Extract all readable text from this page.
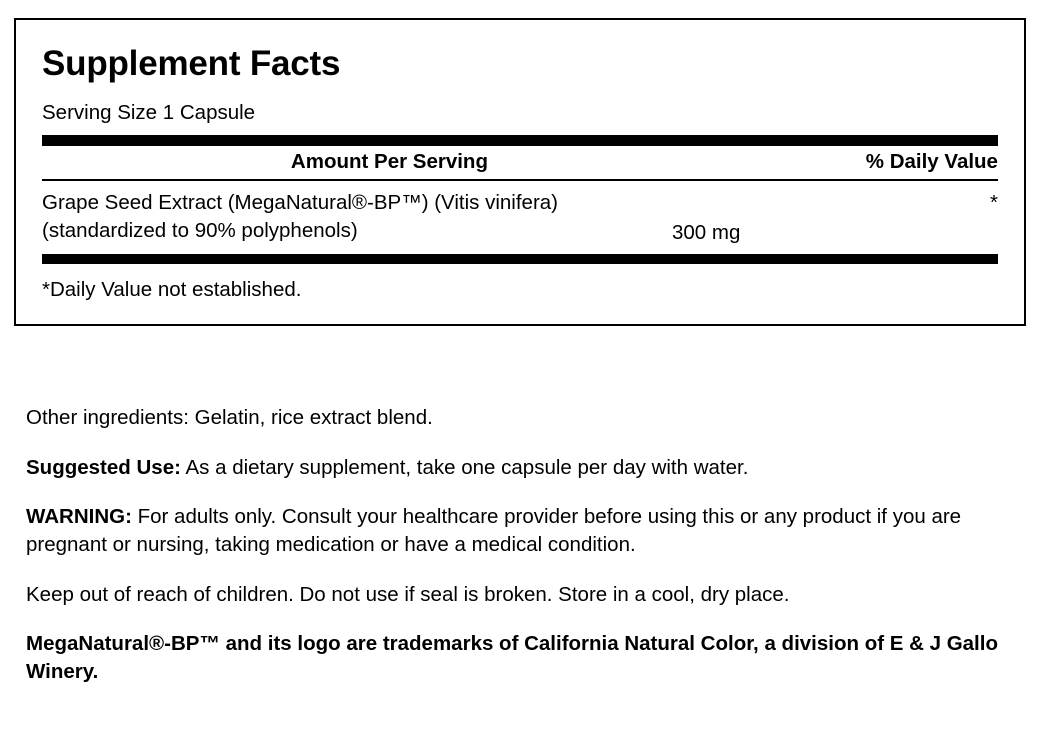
Supplement Facts
Serving Size 1 Capsule
Amount Per Serving	% Daily Value
Grape Seed Extract (MegaNatural®-BP™) (Vitis vinifera)
(standardized to 90% polyphenols)	300 mg
*
*Daily Value not established.

Other ingredients: Gelatin, rice extract blend.

Suggested Use: As a dietary supplement, take one capsule per day with water.

WARNING: For adults only. Consult your healthcare provider before using this or any product if you are pregnant or nursing, taking medication or have a medical condition.

Keep out of reach of children. Do not use if seal is broken. Store in a cool, dry place.

MegaNatural®-BP™ and its logo are trademarks of California Natural Color, a division of E & J Gallo Winery.
